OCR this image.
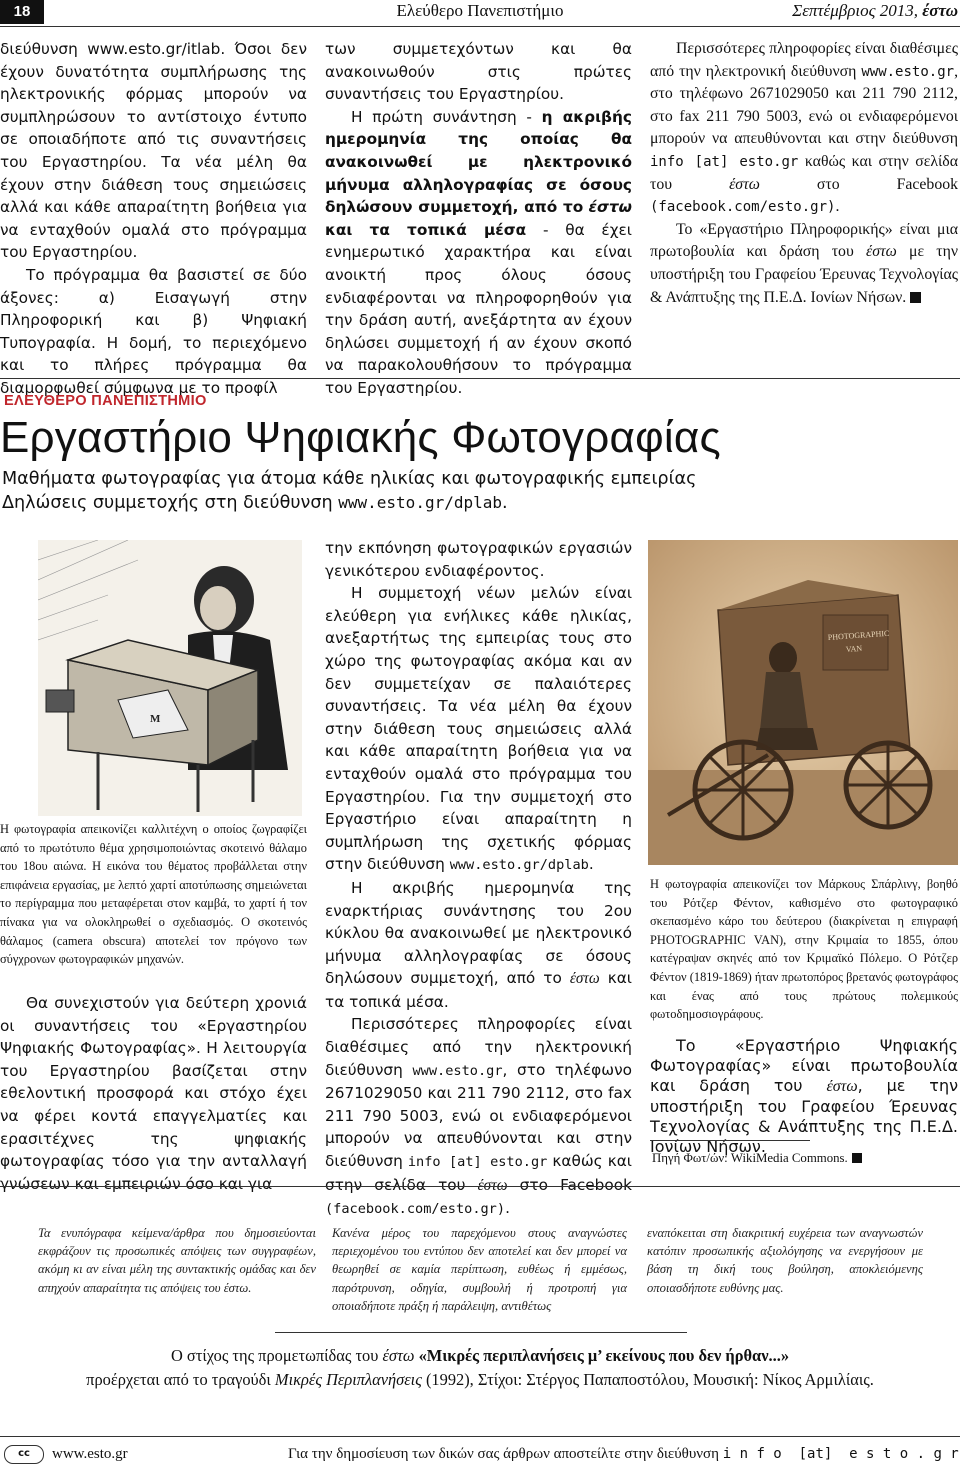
18	Ελεύθερο Πανεπιστήμιο	Σεπτέμβριος 2013, έστω

διεύθυνση www.esto.gr/itlab. Όσοι δεν έχουν δυνατότητα συμπλήρωσης της ηλεκτρονικής φόρμας μπορούν να συμπληρώσουν το αντίστοιχο έντυπο σε οποιαδήποτε από τις συναντήσεις του Εργαστηρίου. Τα νέα μέλη θα έχουν στην διάθεση τους σημειώσεις αλλά και κάθε απαραίτητη βοήθεια για να ενταχθούν ομαλά στο πρόγραμμα του Εργαστηρίου.

Το πρόγραμμα θα βασιστεί σε δύο άξονες: α) Εισαγωγή στην Πληροφορική και β) Ψηφιακή Τυπογραφία. Η δομή, το περιεχόμενο και το πλήρες πρόγραμμα θα διαμορφωθεί σύμφωνα με το προφίλ

των συμμετεχόντων και θα ανακοινωθούν στις πρώτες συναντήσεις του Εργαστηρίου.

Η πρώτη συνάντηση - η ακριβής ημερομηνία της οποίας θα ανακοινωθεί με ηλεκτρονικό μήνυμα αλληλογραφίας σε όσους δηλώσουν συμμετοχή, από το έστω και τα τοπικά μέσα - θα έχει ενημερωτικό χαρακτήρα και είναι ανοικτή προς όλους όσους ενδιαφέρονται να πληροφορηθούν για την δράση αυτή, ανεξάρτητα αν έχουν δηλώσει συμμετοχή ή αν έχουν σκοπό να παρακολουθήσουν το πρόγραμμα του Εργαστηρίου.

Περισσότερες πληροφορίες είναι διαθέσιμες από την ηλεκτρονική διεύθυνση www.esto.gr, στο τηλέφωνο 2671029050 και 211 790 2112, στο fax 211 790 5003, ενώ οι ενδιαφερόμενοι μπορούν να απευθύνονται και στην διεύθυνση info [at] esto.gr καθώς και στην σελίδα του	έστω	στο Facebook (facebook.com/esto.gr).

Το «Εργαστήριο Πληροφορικής» είναι μια πρωτοβουλία και δράση του έστω με την υποστήριξη του Γραφείου Έρευνας Τεχνολογίας & Ανάπτυξης της Π.Ε.Δ. Ιονίων Νήσων.

ΕΛΕΥΘΕΡΟ ΠΑΝΕΠΙΣΤΗΜΙΟ
Εργαστήριο Ψηφιακής Φωτογραφίας
Μαθήματα φωτογραφίας για άτομα κάθε ηλικίας και φωτογραφικής εμπειρίας
Δηλώσεις συμμετοχής στη διεύθυνση www.esto.gr/dplab.
M
Η φωτογραφία απεικονίζει καλλιτέχνη ο οποίος ζωγραφίζει από το πρωτότυπο θέμα χρησιμοποιώντας σκοτεινό θάλαμο του 18ου αιώνα. Η εικόνα του θέματος προβάλλεται στην επιφάνεια εργασίας, με λεπτό χαρτί αποτύπωσης σημειώνεται το περίγραμμα που μεταφέρεται στον καμβά, το χαρτί ή τον πίνακα για να ολοκληρωθεί ο σχεδιασμός. Ο σκοτεινός θάλαμος (camera obscura) αποτελεί τον πρόγονο των σύγχρονων φωτογραφικών μηχανών.

Θα συνεχιστούν για δεύτερη χρονιά οι συναντήσεις του «Εργαστηρίου Ψηφιακής Φωτογραφίας». Η λειτουργία του Εργαστηρίου βασίζεται στην εθελοντική προσφορά και στόχο έχει να φέρει κοντά επαγγελματίες και ερασιτέχνες της ψηφιακής φωτογραφίας τόσο για την ανταλλαγή γνώσεων και εμπειριών όσο και για

την εκπόνηση φωτογραφικών εργασιών γενικότερου ενδιαφέροντος.

Η συμμετοχή νέων μελών είναι ελεύθερη για ενήλικες κάθε ηλικίας, ανεξαρτήτως της εμπειρίας τους στο χώρο της φωτογραφίας ακόμα και αν δεν συμμετείχαν σε παλαιότερες συναντήσεις. Τα νέα μέλη θα έχουν στην διάθεση τους σημειώσεις αλλά και κάθε απαραίτητη βοήθεια για να ενταχθούν ομαλά στο πρόγραμμα του Εργαστηρίου. Για την συμμετοχή στο Εργαστήριο είναι απαραίτητη η συμπλήρωση της σχετικής φόρμας στην διεύθυνση www.esto.gr/dplab.

Η ακριβής ημερομηνία της εναρκτήριας συνάντησης του 2ου κύκλου θα ανακοινωθεί με ηλεκτρονικό μήνυμα αλληλογραφίας σε όσους δηλώσουν συμμετοχή, από το έστω και τα τοπικά μέσα.

Περισσότερες πληροφορίες είναι διαθέσιμες από την ηλεκτρονική διεύθυνση www.esto.gr, στο τηλέφωνο 2671029050 και 211 790 2112, στο fax 211 790 5003, ενώ οι ενδιαφερόμενοι μπορούν να απευθύνονται και στην διεύθυνση info [at] esto.gr καθώς και στην σελίδα του έστω στο Facebook (facebook.com/esto.gr).

PHOTOGRAPHIC
VAN
Η φωτογραφία απεικονίζει τον Μάρκους Σπάρλινγ, βοηθό του Ρότζερ Φέντον, καθισμένο στο φωτογραφικό σκεπασμένο κάρο του δεύτερου (διακρίνεται η επιγραφή PHOTOGRAPHIC VAN), στην Κριμαία το 1855, όπου κατέγραψαν σκηνές από τον Κριμαϊκό Πόλεμο. Ο Ρότζερ Φέντον (1819-1869) ήταν πρωτοπόρος βρετανός φωτογράφος και ένας από τους πρώτους πολεμικούς φωτοδημοσιογράφους.

Το «Εργαστήριο Ψηφιακής Φωτογραφίας» είναι πρωτοβουλία και δράση του έστω, με την υποστήριξη του Γραφείου Έρευνας Τεχνολογίας & Ανάπτυξης της Π.Ε.Δ. Ιονίων Νήσων.

Πηγή Φωτ/ών: WikiMedia Commons.
Τα ενυπόγραφα κείμενα/άρθρα που δημοσιεύονται εκφράζουν τις προσωπικές απόψεις των συγγραφέων, ακόμη κι αν είναι μέλη της συντακτικής ομάδας και δεν απηχούν απαραίτητα τις απόψεις του έστω.
Κανένα μέρος του παρεχόμενου στους αναγνώστες περιεχομένου του εντύπου δεν αποτελεί και δεν μπορεί να θεωρηθεί σε καμία περίπτωση, ευθέως ή εμμέσως, παρότρυνση, οδηγία, συμβουλή ή προτροπή για οποιαδήποτε πράξη ή παράλειψη, αντιθέτως
εναπόκειται στη διακριτική ευχέρεια των αναγνωστών κατόπιν προσωπικής αξιολόγησης να ενεργήσουν με βάση τη δική τους βούληση, αποκλειόμενης οποιασδήποτε ευθύνης μας.
Ο στίχος της προμετωπίδας του έστω «Μικρές περιπλανήσεις μ’ εκείνους που δεν ήρθαν...»
προέρχεται από το τραγούδι Μικρές Περιπλανήσεις (1992), Στίχοι: Στέργος Παπαποστόλου, Μουσική: Νίκος Αρμιλίαις.
cc	www.esto.gr	Για την δημοσίευση των δικών σας άρθρων αποστείλτε στην διεύθυνση i n f o  [at]  e s t o . g r
